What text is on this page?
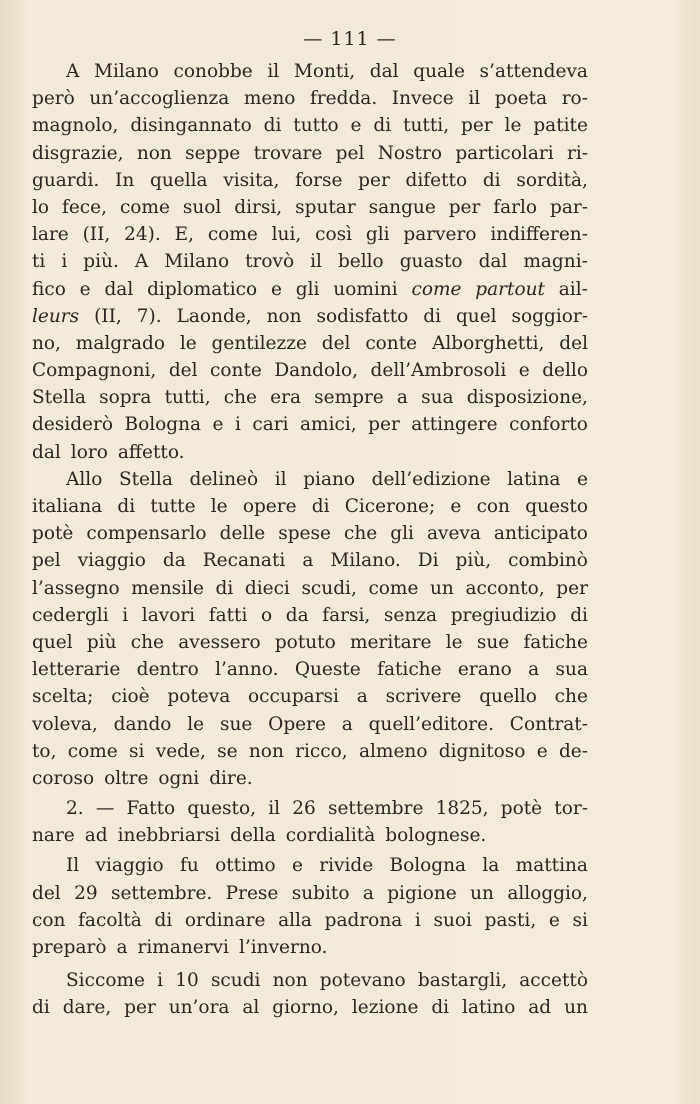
— 111 —
A Milano conobbe il Monti, dal quale s’attendeva
però un’accoglienza meno fredda. Invece il poeta ro-
magnolo, disingannato di tutto e di tutti, per le patite
disgrazie, non seppe trovare pel Nostro particolari ri-
guardi. In quella visita, forse per difetto di sordità,
lo fece, come suol dirsi, sputar sangue per farlo par-
lare (II, 24). E, come lui, così gli parvero indifferen-
ti i più. A Milano trovò il bello guasto dal magni-
fico e dal diplomatico e gli uomini come partout ail-
leurs (II, 7). Laonde, non sodisfatto di quel soggior-
no, malgrado le gentilezze del conte Alborghetti, del
Compagnoni, del conte Dandolo, dell’Ambrosoli e dello
Stella sopra tutti, che era sempre a sua disposizione,
desiderò Bologna e i cari amici, per attingere conforto
dal loro affetto.
Allo Stella delineò il piano dell’edizione latina e
italiana di tutte le opere di Cicerone; e con questo
potè compensarlo delle spese che gli aveva anticipato
pel viaggio da Recanati a Milano. Di più, combinò
l’assegno mensile di dieci scudi, come un acconto, per
cedergli i lavori fatti o da farsi, senza pregiudizio di
quel più che avessero potuto meritare le sue fatiche
letterarie dentro l’anno. Queste fatiche erano a sua
scelta; cioè poteva occuparsi a scrivere quello che
voleva, dando le sue Opere a quell’editore. Contrat-
to, come si vede, se non ricco, almeno dignitoso e de-
coroso oltre ogni dire.
2. — Fatto questo, il 26 settembre 1825, potè tor-
nare ad inebbriarsi della cordialità bolognese.
Il viaggio fu ottimo e rivide Bologna la mattina
del 29 settembre. Prese subito a pigione un alloggio,
con facoltà di ordinare alla padrona i suoi pasti, e si
preparò a rimanervi l’inverno.
Siccome i 10 scudi non potevano bastargli, accettò
di dare, per un’ora al giorno, lezione di latino ad un
